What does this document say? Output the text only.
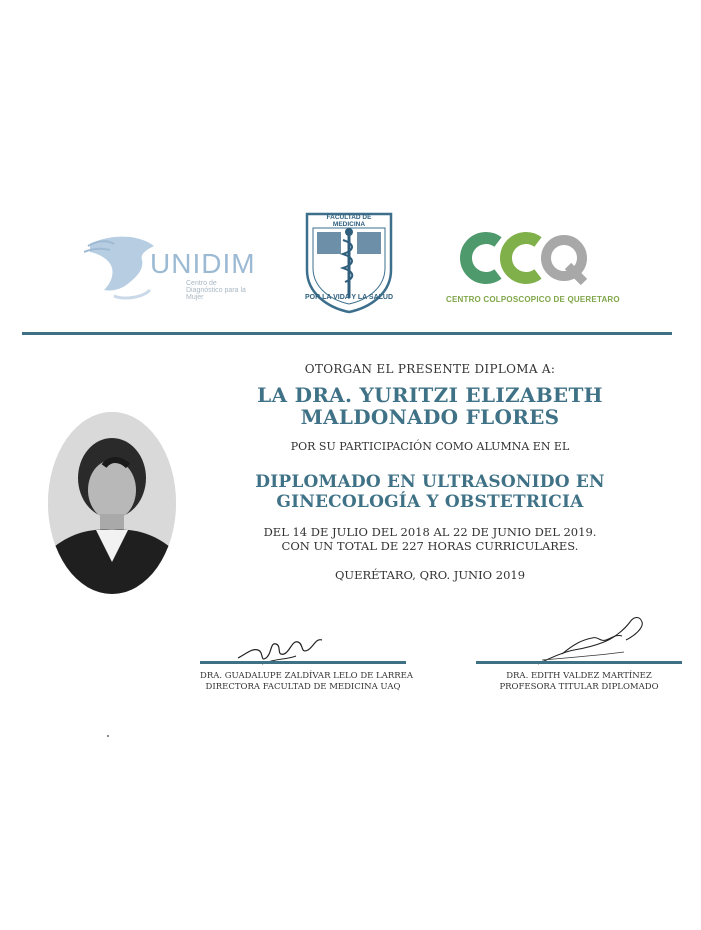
UNIDIM
Centro de Diagnóstico para la Mujer
FACULTAD DE MEDICINA
POR LA VIDA Y LA SALUD	CENTRO COLPOSCOPICO DE QUERETARO
OTORGAN EL PRESENTE DIPLOMA A:
LA DRA. YURITZI ELIZABETH
MALDONADO FLORES
POR SU PARTICIPACIÓN COMO ALUMNA EN EL
DIPLOMADO EN ULTRASONIDO EN
GINECOLOGÍA Y OBSTETRICIA
DEL 14 DE JULIO DEL 2018 AL 22 DE JUNIO DEL 2019.
CON UN TOTAL DE 227 HORAS CURRICULARES.
QUERÉTARO, QRO. JUNIO 2019
DRA. GUADALUPE ZALDÍVAR LELO DE LARREA
DIRECTORA FACULTAD DE MEDICINA UAQ
DRA. EDITH VALDEZ MARTÍNEZ
PROFESORA TITULAR DIPLOMADO
